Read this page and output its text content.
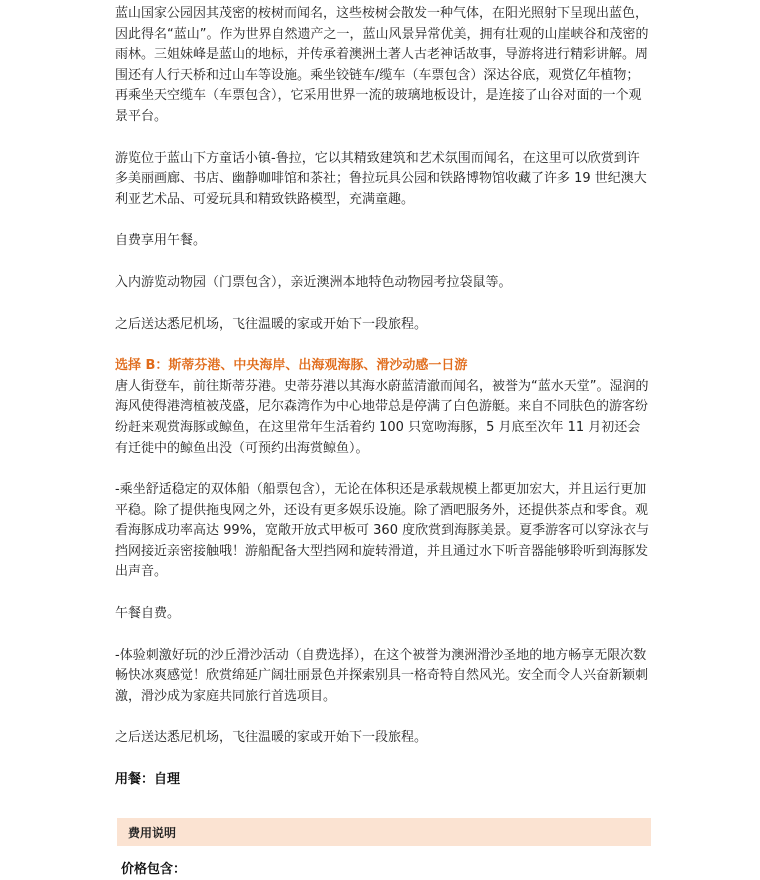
蓝山国家公园因其茂密的桉树而闻名，这些桉树会散发一种气体，在阳光照射下呈现出蓝色，因此得名“蓝山”。作为世界自然遗产之一，蓝山风景异常优美，拥有壮观的山崖峡谷和茂密的雨林。三姐妹峰是蓝山的地标，并传承着澳洲土著人古老神话故事，导游将进行精彩讲解。周围还有人行天桥和过山车等设施。乘坐铰链车/缆车（车票包含）深达谷底，观赏亿年植物；再乘坐天空缆车（车票包含），它采用世界一流的玻璃地板设计，是连接了山谷对面的一个观景平台。

游览位于蓝山下方童话小镇-鲁拉，它以其精致建筑和艺术氛围而闻名，在这里可以欣赏到许多美丽画廊、书店、幽静咖啡馆和茶社；鲁拉玩具公园和铁路博物馆收藏了许多 19 世纪澳大利亚艺术品、可爱玩具和精致铁路模型，充满童趣。

自费享用午餐。

入内游览动物园（门票包含），亲近澳洲本地特色动物园考拉袋鼠等。

之后送达悉尼机场，飞往温暖的家或开始下一段旅程。

选择 B：斯蒂芬港、中央海岸、出海观海豚、滑沙动感一日游

唐人街登车，前往斯蒂芬港。史蒂芬港以其海水蔚蓝清澈而闻名，被誉为“蓝水天堂”。湿润的海风使得港湾植被茂盛，尼尔森湾作为中心地带总是停满了白色游艇。来自不同肤色的游客纷纷赶来观赏海豚或鲸鱼，在这里常年生活着约 100 只宽吻海豚，5 月底至次年 11 月初还会有迁徙中的鲸鱼出没（可预约出海赏鲸鱼）。

-乘坐舒适稳定的双体船（船票包含），无论在体积还是承载规模上都更加宏大，并且运行更加平稳。除了提供拖曳网之外，还设有更多娱乐设施。除了酒吧服务外，还提供茶点和零食。观看海豚成功率高达 99%，宽敞开放式甲板可 360 度欣赏到海豚美景。夏季游客可以穿泳衣与挡网接近亲密接触哦！游船配备大型挡网和旋转滑道，并且通过水下听音器能够聆听到海豚发出声音。

午餐自费。

-体验刺激好玩的沙丘滑沙活动（自费选择），在这个被誉为澳洲滑沙圣地的地方畅享无限次数畅快冰爽感觉！欣赏绵延广阔壮丽景色并探索别具一格奇特自然风光。安全而令人兴奋新颖刺激，滑沙成为家庭共同旅行首选项目。

之后送达悉尼机场，飞往温暖的家或开始下一段旅程。

用餐：自理

费用说明
价格包含：
